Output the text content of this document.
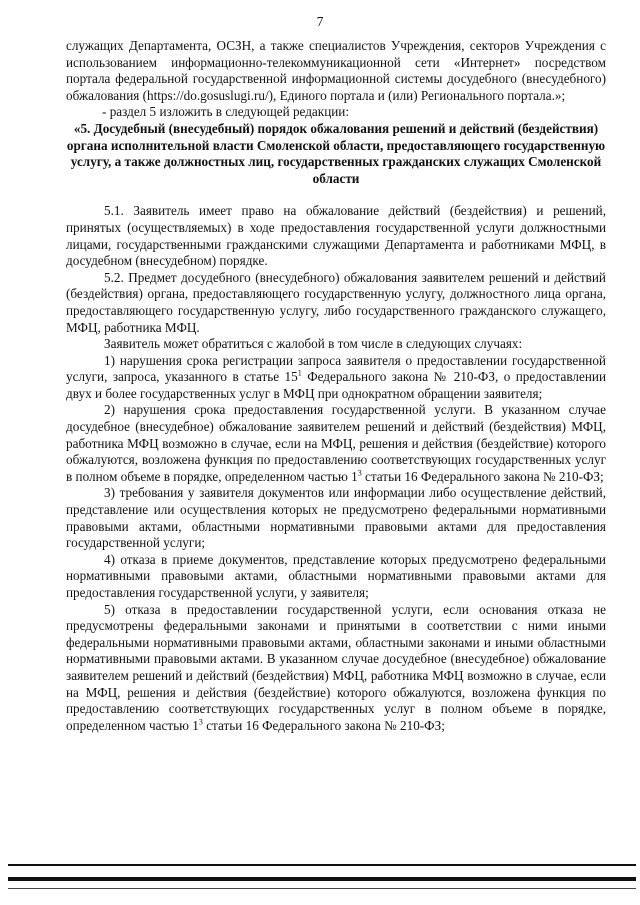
7

служащих Департамента, ОСЗН, а также специалистов Учреждения, секторов Учреждения с использованием информационно-телекоммуникационной сети «Интернет» посредством портала федеральной государственной информационной системы досудебного (внесудебного) обжалования (https://do.gosuslugi.ru/), Единого портала и (или) Регионального портала.»;

- раздел 5 изложить в следующей редакции:

«5. Досудебный (внесудебный) порядок обжалования решений и действий (бездействия) органа исполнительной власти Смоленской области, предоставляющего государственную услугу, а также должностных лиц, государственных гражданских служащих Смоленской области

5.1. Заявитель имеет право на обжалование действий (бездействия) и решений, принятых (осуществляемых) в ходе предоставления государственной услуги должностными лицами, государственными гражданскими служащими Департамента и работниками МФЦ, в досудебном (внесудебном) порядке.

5.2. Предмет досудебного (внесудебного) обжалования заявителем решений и действий (бездействия) органа, предоставляющего государственную услугу, должностного лица органа, предоставляющего государственную услугу, либо государственного гражданского служащего, МФЦ, работника МФЦ.

Заявитель может обратиться с жалобой в том числе в следующих случаях:

1) нарушения срока регистрации запроса заявителя о предоставлении государственной услуги, запроса, указанного в статье $15^1$ Федерального закона № 210-ФЗ, о предоставлении двух и более государственных услуг в МФЦ при однократном обращении заявителя;

2) нарушения срока предоставления государственной услуги. В указанном случае досудебное (внесудебное) обжалование заявителем решений и действий (бездействия) МФЦ, работника МФЦ возможно в случае, если на МФЦ, решения и действия (бездействие) которого обжалуются, возложена функция по предоставлению соответствующих государственных услуг в полном объеме в порядке, определенном частью $1^3$ статьи 16 Федерального закона № 210-ФЗ;

3) требования у заявителя документов или информации либо осуществление действий, представление или осуществления которых не предусмотрено федеральными нормативными правовыми актами, областными нормативными правовыми актами для предоставления государственной услуги;

4) отказа в приеме документов, представление которых предусмотрено федеральными нормативными правовыми актами, областными нормативными правовыми актами для предоставления государственной услуги, у заявителя;

5) отказа в предоставлении государственной услуги, если основания отказа не предусмотрены федеральными законами и принятыми в соответствии с ними иными федеральными нормативными правовыми актами, областными законами и иными областными нормативными правовыми актами. В указанном случае досудебное (внесудебное) обжалование заявителем решений и действий (бездействия) МФЦ, работника МФЦ возможно в случае, если на МФЦ, решения и действия (бездействие) которого обжалуются, возложена функция по предоставлению соответствующих государственных услуг в полном объеме в порядке, определенном частью $1^3$ статьи 16 Федерального закона № 210-ФЗ;
